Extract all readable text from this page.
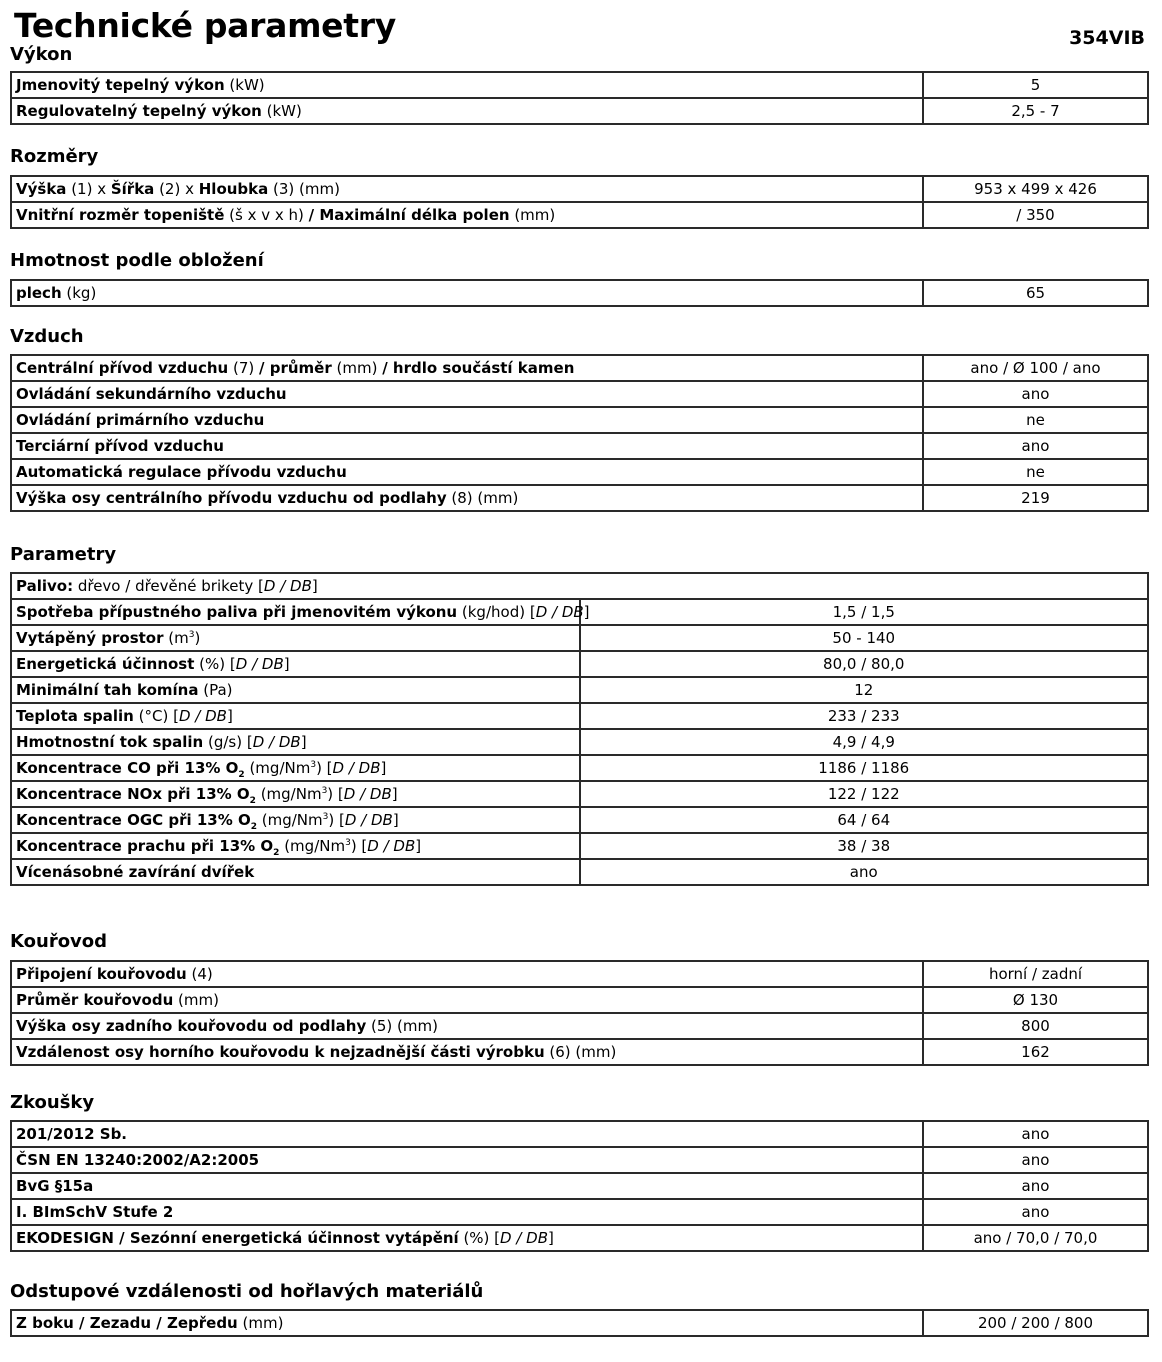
Technické parametry	354VIB
Výkon
Jmenovitý tepelný výkon (kW)	5
Regulovatelný tepelný výkon (kW)	2,5 - 7
Rozměry
Výška (1) x Šířka (2) x Hloubka (3) (mm)	953 x 499 x 426
Vnitřní rozměr topeniště (š x v x h) / Maximální délka polen (mm)	/ 350
Hmotnost podle obložení
plech (kg)	65
Vzduch
Centrální přívod vzduchu (7) / průměr (mm) / hrdlo součástí kamen	ano / Ø 100 / ano
Ovládání sekundárního vzduchu	ano
Ovládání primárního vzduchu	ne
Terciární přívod vzduchu	ano
Automatická regulace přívodu vzduchu	ne
Výška osy centrálního přívodu vzduchu od podlahy (8) (mm)	219
Parametry
Palivo: dřevo / dřevěné brikety [D / DB]	
Spotřeba přípustného paliva při jmenovitém výkonu (kg/hod) [D / DB]	1,5 / 1,5
Vytápěný prostor $(m^3)$	50 - 140
Energetická účinnost (%) [D / DB]	80,0 / 80,0
Minimální tah komína (Pa)	12
Teplota spalin (°C) [D / DB]	233 / 233
Hmotnostní tok spalin (g/s) [D / DB]	4,9 / 4,9
Koncentrace CO při 13% $O_2$ (mg/Nm$^3$) [D / DB]	1186 / 1186
Koncentrace NOx při 13% $O_2$ (mg/Nm$^3$) [D / DB]	122 / 122
Koncentrace OGC při 13% $O_2$ (mg/Nm$^3$) [D / DB]	64 / 64
Koncentrace prachu při 13% $O_2$ (mg/Nm$^3$) [D / DB]	38 / 38
Vícenásobné zavírání dvířek	ano
Kouřovod
Připojení kouřovodu (4)	horní / zadní
Průměr kouřovodu (mm)	Ø 130
Výška osy zadního kouřovodu od podlahy (5) (mm)	800
Vzdálenost osy horního kouřovodu k nejzadnější části výrobku (6) (mm)	162
Zkoušky
201/2012 Sb.	ano
ČSN EN 13240:2002/A2:2005	ano
BvG §15a	ano
I. BImSchV Stufe 2	ano
EKODESIGN / Sezónní energetická účinnost vytápění (%) [D / DB]	ano / 70,0 / 70,0
Odstupové vzdálenosti od hořlavých materiálů
Z boku / Zezadu / Zepředu (mm)	200 / 200 / 800
